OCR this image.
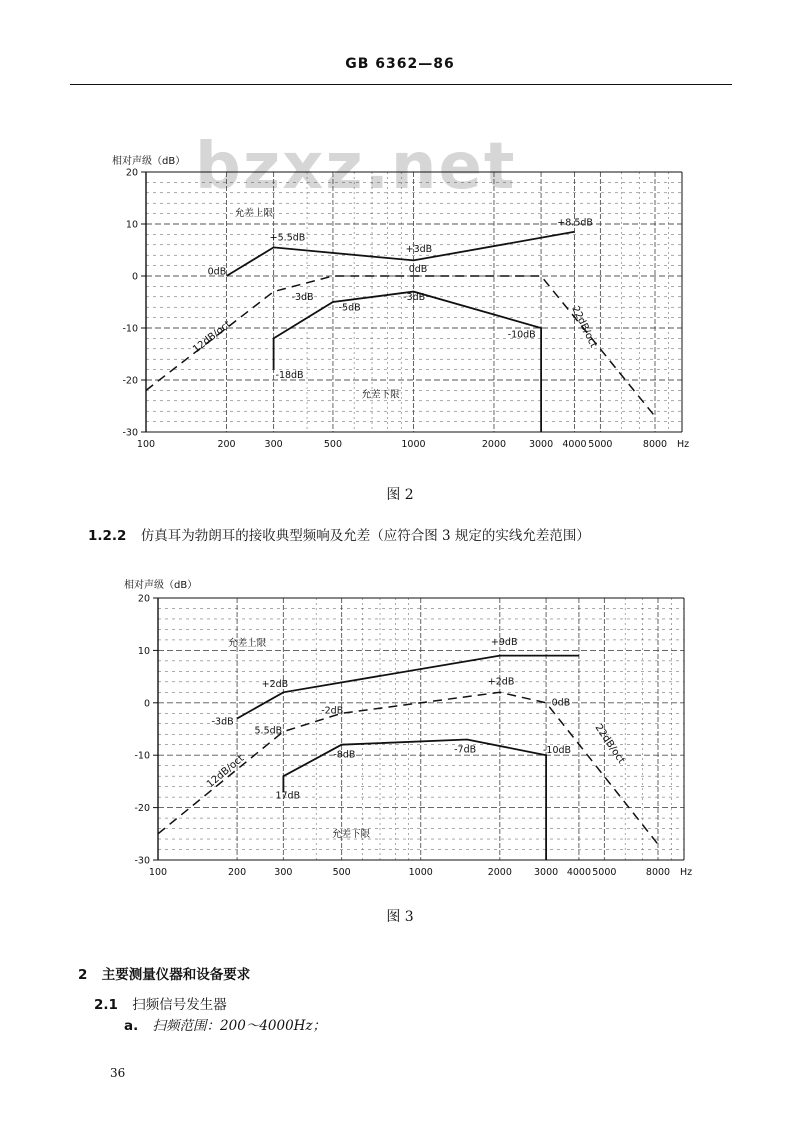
GB 6362—86
bzxz.net
相对声级（dB）
20
10
0
-10
-20
-30
100	200	300	500	1000	2000 3000 4000 5000	8000 Hz
允差上限
+5.5dB
0dB
+3dB
0dB
+8.5dB
-3dB
-5dB
-3dB
-10dB
-18dB
允差下限
12dB/oct	22dB/oct
图 2
1.2.2 仿真耳为勃朗耳的接收典型频响及允差（应符合图 3 规定的实线允差范围）
相对声级（dB）
20
10
0
-10
-20
-30
100	200	300	500	1000	2000 3000 4000 5000	8000 Hz
允差上限
+2dB
+9dB
+2dB
0dB
-3dB
5.5dB
-2dB
-8dB	-7dB	-10dB
17dB
允差下限
12dB/oct
22dB/oct
图 3
2 主要测量仪器和设备要求
2.1 扫频信号发生器
a. 扫频范围：200～4000Hz；
36
